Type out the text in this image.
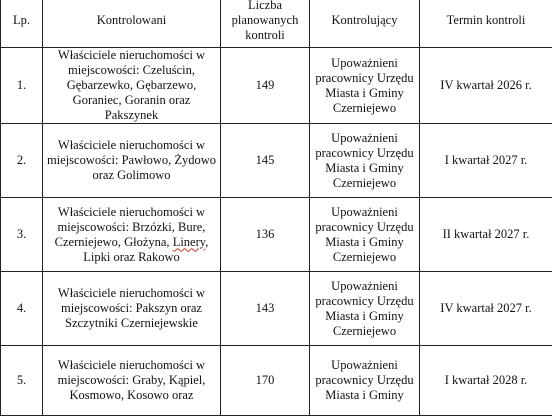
Lp.	Kontrolowani	Liczba planowanych kontroli	Kontrolujący	Termin kontroli
1.	Właściciele nieruchomości w miejscowości: Czeluścin, Gębarzewko, Gębarzewo, Goraniec, Goranin oraz Pakszynek	149	Upoważnieni pracownicy Urzędu Miasta i Gminy Czerniejewo	IV kwartał 2026 r.
2.	Właściciele nieruchomości w miejscowości: Pawłowo, Żydowo oraz Golimowo	145	Upoważnieni pracownicy Urzędu Miasta i Gminy Czerniejewo	I kwartał 2027 r.
3.	Właściciele nieruchomości w miejscowości: Brzózki, Bure, Czerniejewo, Głożyna, Linery, Lipki oraz Rakowo	136	Upoważnieni pracownicy Urzędu Miasta i Gminy Czerniejewo	II kwartał 2027 r.
4.	Właściciele nieruchomości w miejscowości: Pakszyn oraz Szczytniki Czerniejewskie	143	Upoważnieni pracownicy Urzędu Miasta i Gminy Czerniejewo	IV kwartał 2027 r.
5.	Właściciele nieruchomości w miejscowości: Graby, Kąpiel, Kosmowo, Kosowo oraz	170	Upoważnieni pracownicy Urzędu Miasta i Gminy	I kwartał 2028 r.
